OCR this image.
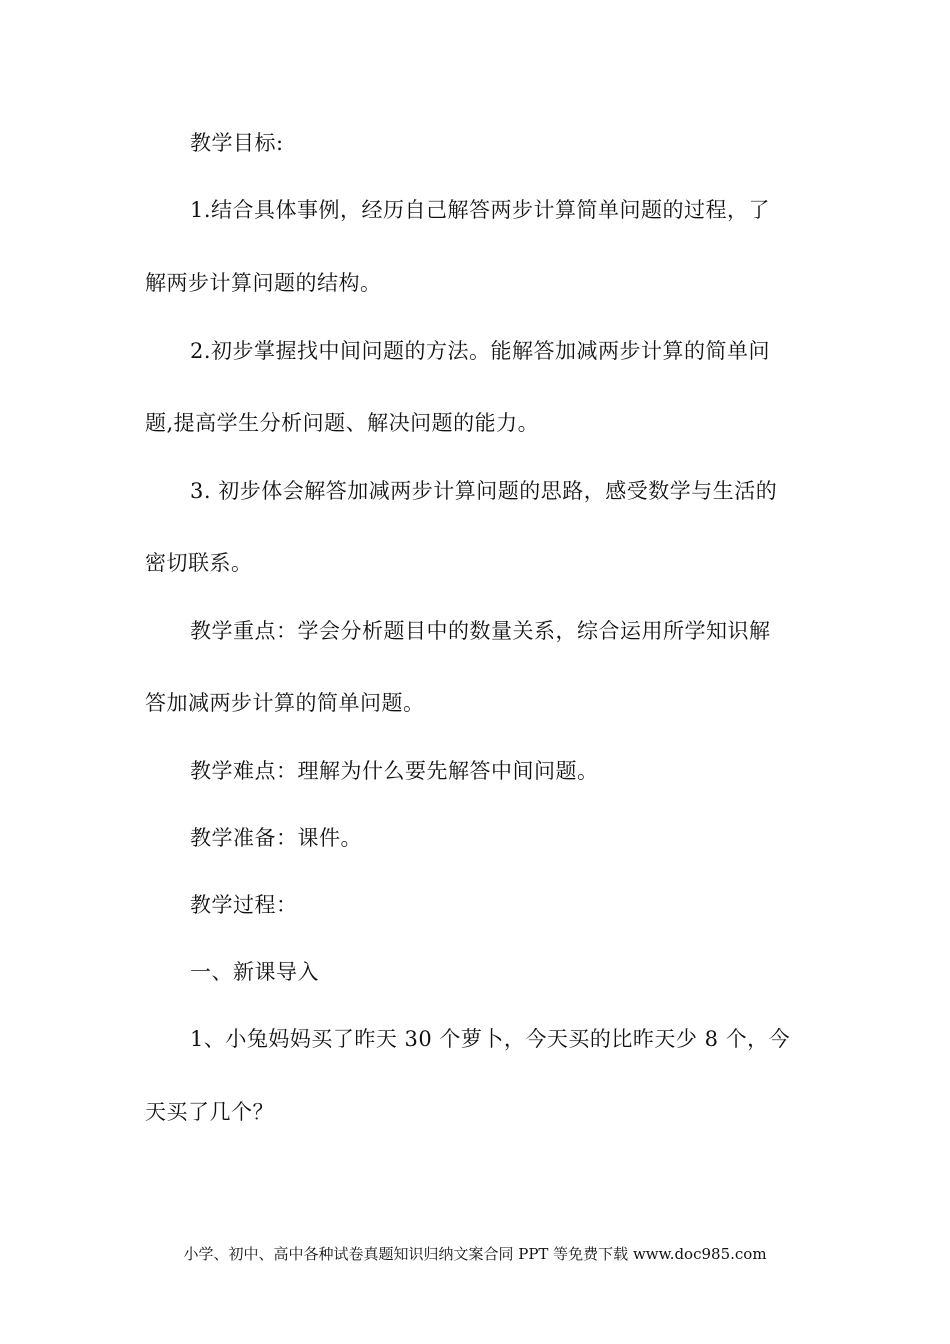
教学目标:
1.结合具体事例，经历自己解答两步计算简单问题的过程，了
解两步计算问题的结构。
2.初步掌握找中间问题的方法。能解答加减两步计算的简单问
题,提高学生分析问题、解决问题的能力。
3. 初步体会解答加减两步计算问题的思路，感受数学与生活的
密切联系。
教学重点：学会分析题目中的数量关系，综合运用所学知识解
答加减两步计算的简单问题。
教学难点：理解为什么要先解答中间问题。
教学准备：课件。
教学过程：
一、新课导入
1、小兔妈妈买了昨天 30 个萝卜，今天买的比昨天少 8 个，今
天买了几个？
小学、初中、高中各种试卷真题知识归纳文案合同 PPT 等免费下载 www.doc985.com
